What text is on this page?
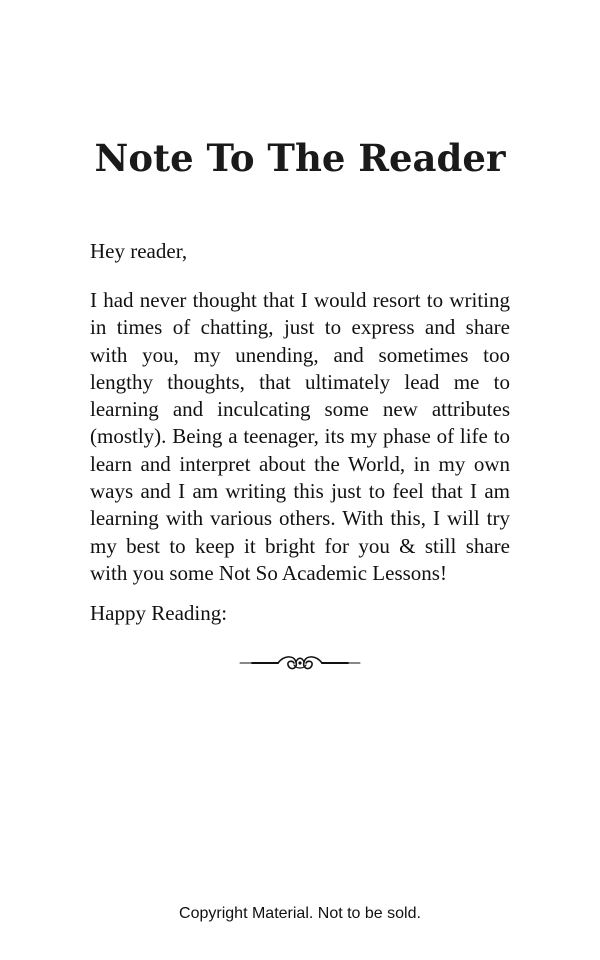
Note To The Reader

Hey reader,

I had never thought that I would resort to writing in times of chatting, just to express and share with you, my unending, and sometimes too lengthy thoughts, that ultimately lead me to learning and inculcating some new attributes (mostly). Being a teenager, its my phase of life to learn and interpret about the World, in my own ways and I am writing this just to feel that I am learning with various others. With this, I will try my best to keep it bright for you & still share with you some Not So Academic Lessons!

Happy Reading:

Copyright Material. Not to be sold.
